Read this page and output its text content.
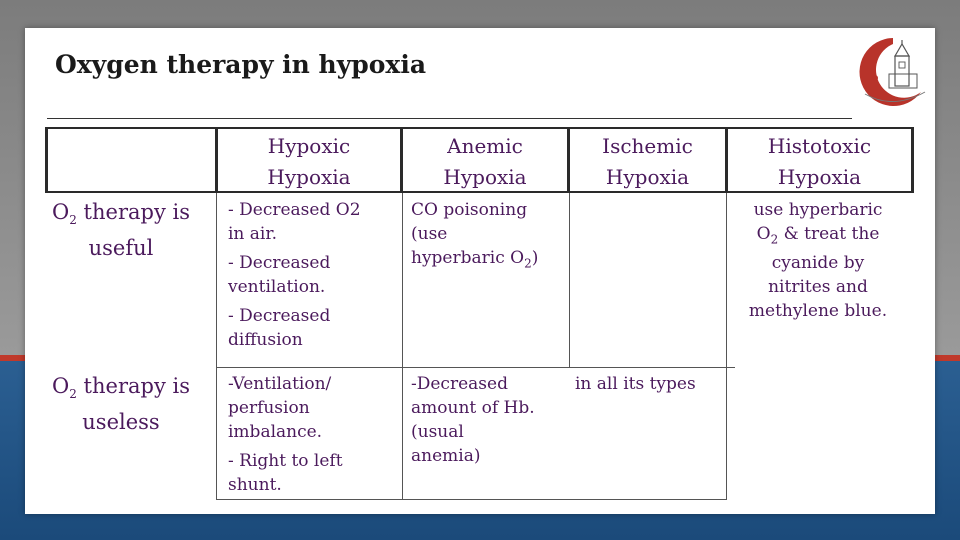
Oxygen therapy in hypoxia
Hypoxic
Hypoxia
Anemic
Hypoxia
Ischemic
Hypoxia
Histotoxic
Hypoxia
$O_2$ therapy is
useful
- Decreased O2
in air.
- Decreased
ventilation.
- Decreased
diffusion
CO poisoning
(use
hyperbaric $O_2$)
use hyperbaric
$O_2$ & treat the
cyanide by
nitrites and
methylene blue.
$O_2$ therapy is
useless
-Ventilation/
perfusion
imbalance.
- Right to left
shunt.
-Decreased
amount of Hb.
(usual
anemia)
in all its types
